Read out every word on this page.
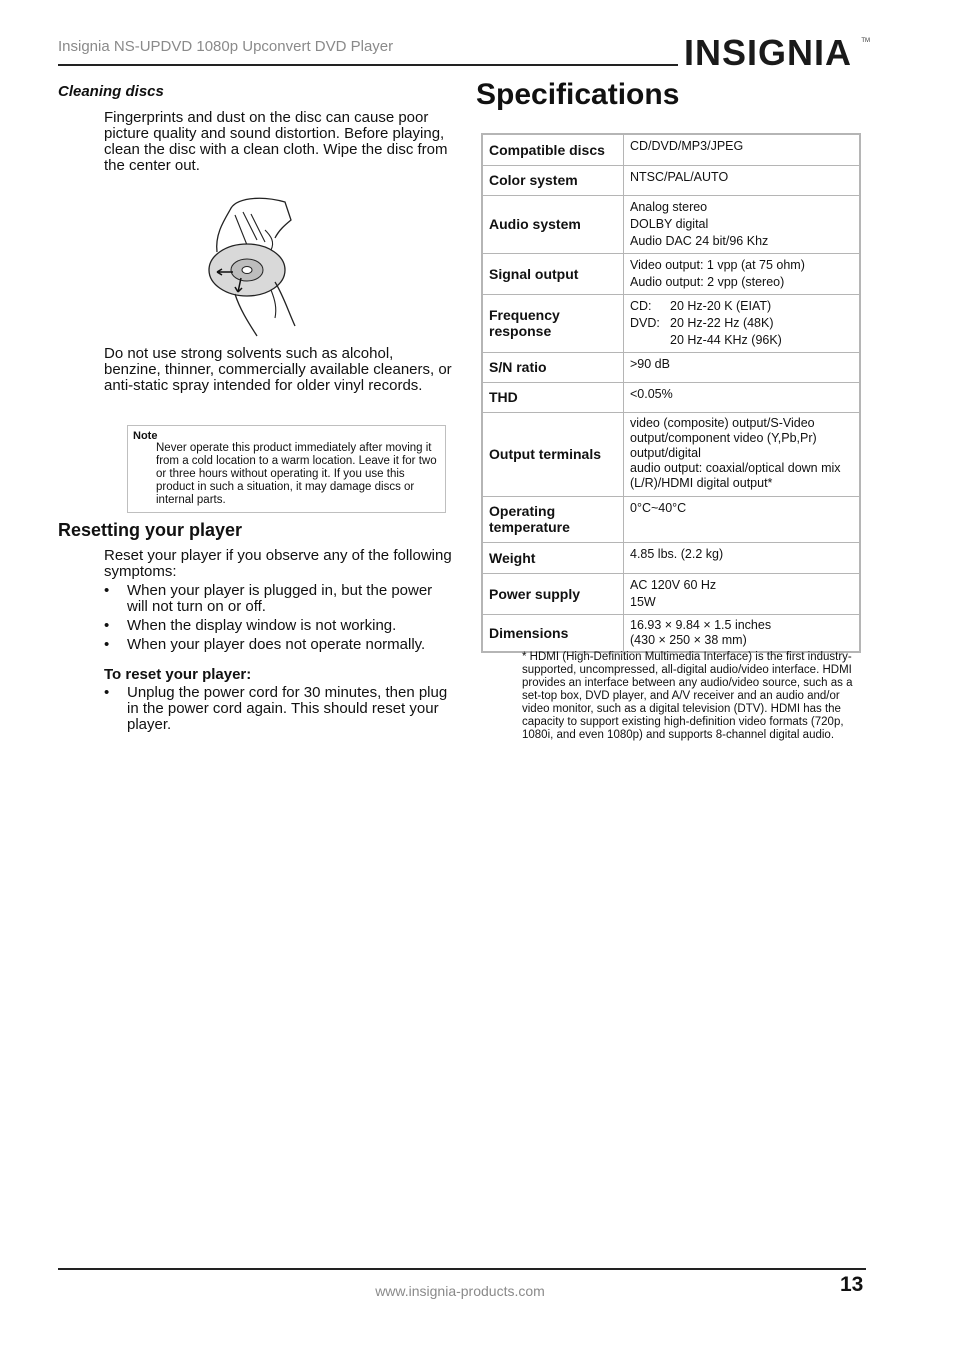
Insignia NS-UPDVD 1080p Upconvert DVD Player	INSIGNIA TM
Cleaning discs
Fingerprints and dust on the disc can cause poor picture quality and sound distortion. Before playing, clean the disc with a clean cloth. Wipe the disc from the center out.
Do not use strong solvents such as alcohol, benzine, thinner, commercially available cleaners, or anti-static spray intended for older vinyl records.
Note
Never operate this product immediately after moving it from a cold location to a warm location. Leave it for two or three hours without operating it. If you use this product in such a situation, it may damage discs or internal parts.
Resetting your player
Reset your player if you observe any of the following symptoms:
• When your player is plugged in, but the power will not turn on or off.
• When the display window is not working.
• When your player does not operate normally.
To reset your player:
• Unplug the power cord for 30 minutes, then plug in the power cord again. This should reset your player.
Specifications
Compatible discs	CD/DVD/MP3/JPEG
Color system	NTSC/PAL/AUTO
Audio system	Analog stereo
DOLBY digital
Audio DAC 24 bit/96 Khz

Signal output	Video output: 1 vpp (at 75 ohm)
Audio output: 2 vpp (stereo)

Frequency response	CD: 20 Hz-20 K (EIAT)
DVD: 20 Hz-22 Hz (48K)
20 Hz-44 KHz (96K)

S/N ratio	>90 dB
THD	<0.05%
Output terminals	video (composite) output/S-Video output/component video (Y,Pb,Pr) output/digital
audio output: coaxial/optical down mix (L/R)/HDMI digital output*

Operating temperature	0°C~40°C
Weight	4.85 lbs. (2.2 kg)
Power supply	AC 120V 60 Hz
15W

Dimensions	16.93 × 9.84 × 1.5 inches
(430 × 250 × 38 mm)
* HDMI (High-Definition Multimedia Interface) is the first industry-supported, uncompressed, all-digital audio/video interface. HDMI provides an interface between any audio/video source, such as a set-top box, DVD player, and A/V receiver and an audio and/or video monitor, such as a digital television (DTV). HDMI has the capacity to support existing high-definition video formats (720p, 1080i, and even 1080p) and supports 8-channel digital audio.
www.insignia-products.com	13
